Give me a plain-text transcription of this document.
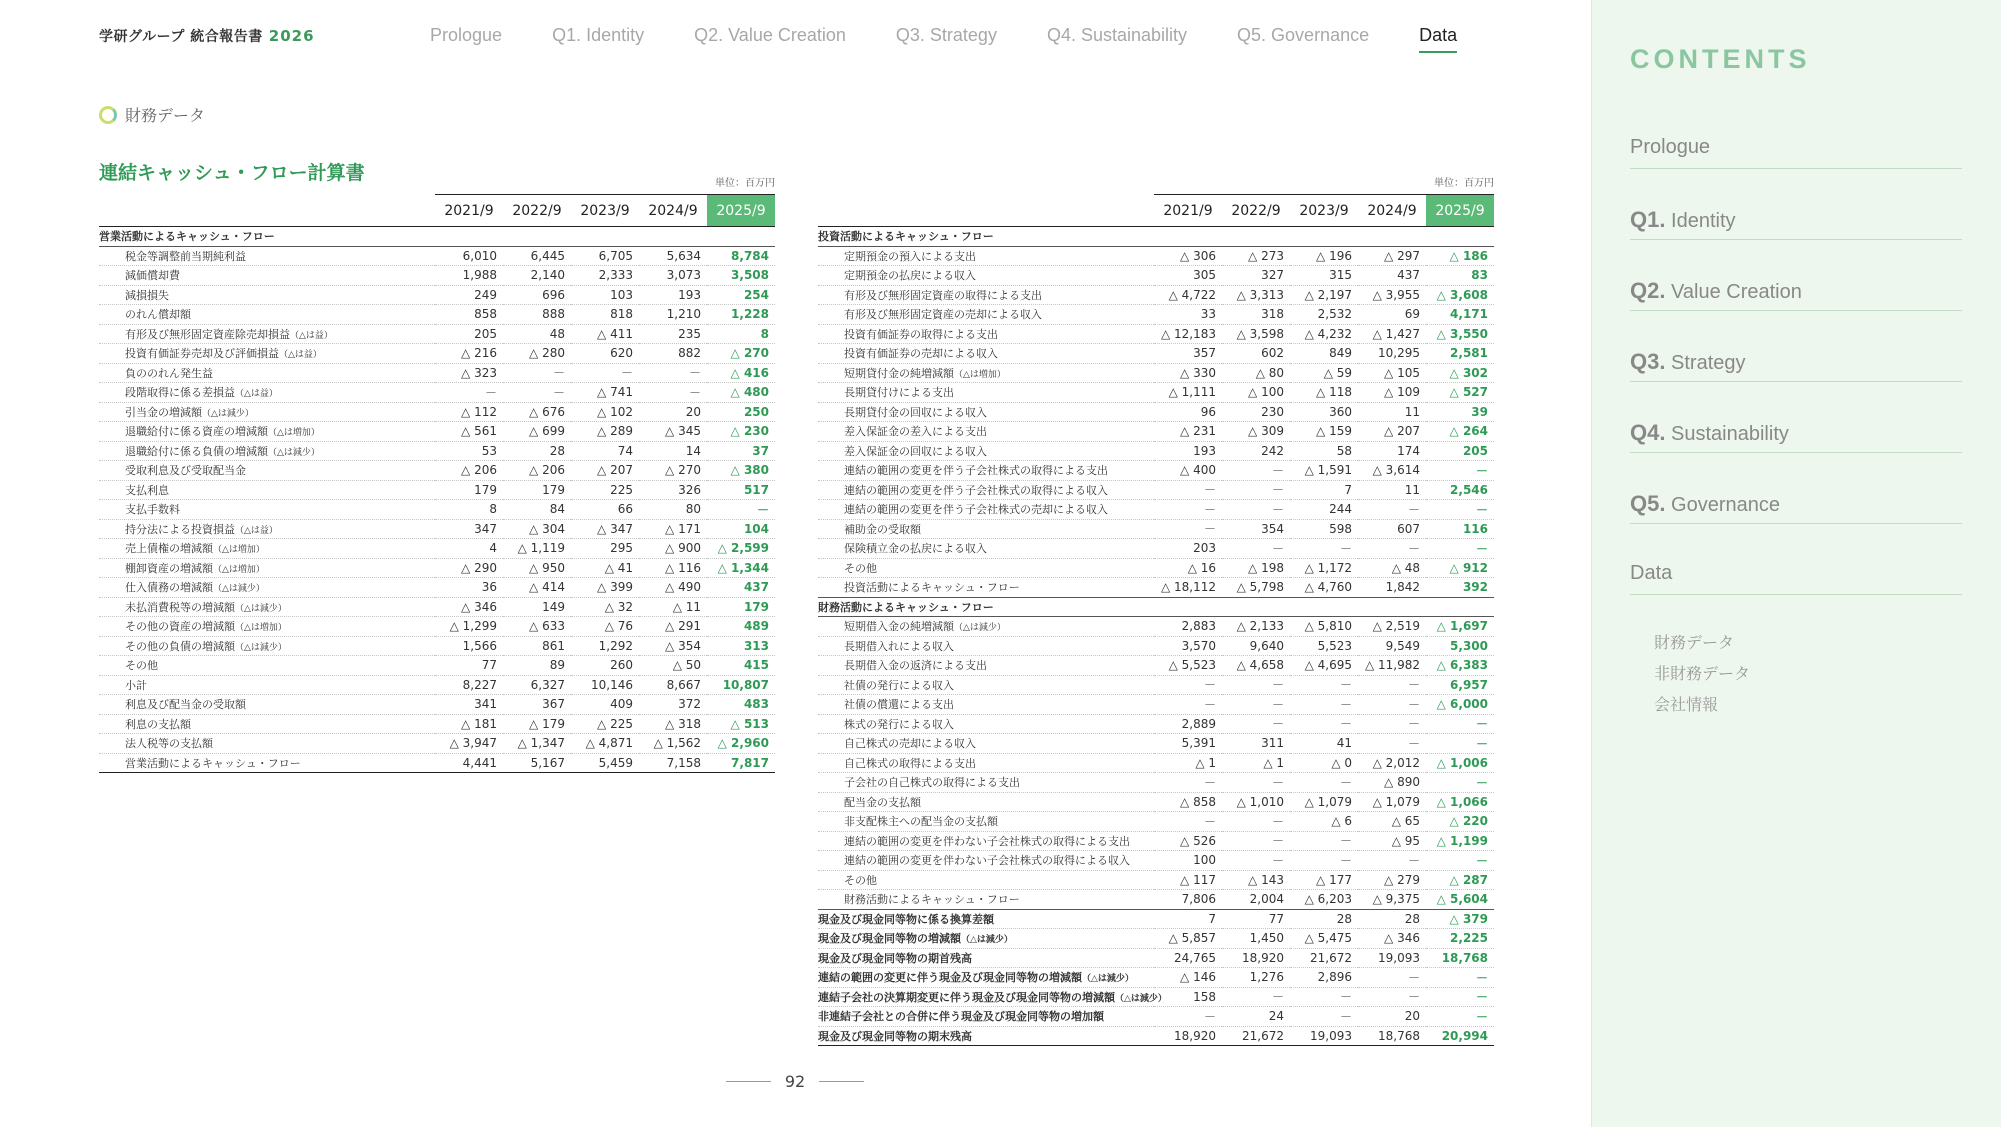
学研グループ 統合報告書 2026	Prologue	Q1. Identity	Q2. Value Creation	Q3. Strategy	Q4. Sustainability	Q5. Governance	Data
財務データ
連結キャッシュ・フロー計算書	単位：百万円
	2021/9	2022/9	2023/9	2024/9	2025/9
営業活動によるキャッシュ・フロー					
税金等調整前当期純利益	6,010	6,445	6,705	5,634	8,784
減価償却費	1,988	2,140	2,333	3,073	3,508
減損損失	249	696	103	193	254
のれん償却額	858	888	818	1,210	1,228
有形及び無形固定資産除売却損益（△は益）	205	48	△ 411	235	8
投資有価証券売却及び評価損益（△は益）	△ 216	△ 280	620	882	△ 270
負ののれん発生益	△ 323	－	－	－	△ 416
段階取得に係る差損益（△は益）	－	－	△ 741	－	△ 480
引当金の増減額（△は減少）	△ 112	△ 676	△ 102	20	250
退職給付に係る資産の増減額（△は増加）	△ 561	△ 699	△ 289	△ 345	△ 230
退職給付に係る負債の増減額（△は減少）	53	28	74	14	37
受取利息及び受取配当金	△ 206	△ 206	△ 207	△ 270	△ 380
支払利息	179	179	225	326	517
支払手数料	8	84	66	80	－
持分法による投資損益（△は益）	347	△ 304	△ 347	△ 171	104
売上債権の増減額（△は増加）	4	△ 1,119	295	△ 900	△ 2,599
棚卸資産の増減額（△は増加）	△ 290	△ 950	△ 41	△ 116	△ 1,344
仕入債務の増減額（△は減少）	36	△ 414	△ 399	△ 490	437
未払消費税等の増減額（△は減少）	△ 346	149	△ 32	△ 11	179
その他の資産の増減額（△は増加）	△ 1,299	△ 633	△ 76	△ 291	489
その他の負債の増減額（△は減少）	1,566	861	1,292	△ 354	313
その他	77	89	260	△ 50	415
小計	8,227	6,327	10,146	8,667	10,807
利息及び配当金の受取額	341	367	409	372	483
利息の支払額	△ 181	△ 179	△ 225	△ 318	△ 513
法人税等の支払額	△ 3,947	△ 1,347	△ 4,871	△ 1,562	△ 2,960
営業活動によるキャッシュ・フロー	4,441	5,167	5,459	7,158	7,817
単位：百万円
	2021/9	2022/9	2023/9	2024/9	2025/9
投資活動によるキャッシュ・フロー					
定期預金の預入による支出	△ 306	△ 273	△ 196	△ 297	△ 186
定期預金の払戻による収入	305	327	315	437	83
有形及び無形固定資産の取得による支出	△ 4,722	△ 3,313	△ 2,197	△ 3,955	△ 3,608
有形及び無形固定資産の売却による収入	33	318	2,532	69	4,171
投資有価証券の取得による支出	△ 12,183	△ 3,598	△ 4,232	△ 1,427	△ 3,550
投資有価証券の売却による収入	357	602	849	10,295	2,581
短期貸付金の純増減額（△は増加）	△ 330	△ 80	△ 59	△ 105	△ 302
長期貸付けによる支出	△ 1,111	△ 100	△ 118	△ 109	△ 527
長期貸付金の回収による収入	96	230	360	11	39
差入保証金の差入による支出	△ 231	△ 309	△ 159	△ 207	△ 264
差入保証金の回収による収入	193	242	58	174	205
連結の範囲の変更を伴う子会社株式の取得による支出	△ 400	－	△ 1,591	△ 3,614	－
連結の範囲の変更を伴う子会社株式の取得による収入	－	－	7	11	2,546
連結の範囲の変更を伴う子会社株式の売却による収入	－	－	244	－	－
補助金の受取額	－	354	598	607	116
保険積立金の払戻による収入	203	－	－	－	－
その他	△ 16	△ 198	△ 1,172	△ 48	△ 912
投資活動によるキャッシュ・フロー	△ 18,112	△ 5,798	△ 4,760	1,842	392
財務活動によるキャッシュ・フロー					
短期借入金の純増減額（△は減少）	2,883	△ 2,133	△ 5,810	△ 2,519	△ 1,697
長期借入れによる収入	3,570	9,640	5,523	9,549	5,300
長期借入金の返済による支出	△ 5,523	△ 4,658	△ 4,695	△ 11,982	△ 6,383
社債の発行による収入	－	－	－	－	6,957
社債の償還による支出	－	－	－	－	△ 6,000
株式の発行による収入	2,889	－	－	－	－
自己株式の売却による収入	5,391	311	41	－	－
自己株式の取得による支出	△ 1	△ 1	△ 0	△ 2,012	△ 1,006
子会社の自己株式の取得による支出	－	－	－	△ 890	－
配当金の支払額	△ 858	△ 1,010	△ 1,079	△ 1,079	△ 1,066
非支配株主への配当金の支払額	－	－	△ 6	△ 65	△ 220
連結の範囲の変更を伴わない子会社株式の取得による支出	△ 526	－	－	△ 95	△ 1,199
連結の範囲の変更を伴わない子会社株式の取得による収入	100	－	－	－	－
その他	△ 117	△ 143	△ 177	△ 279	△ 287
財務活動によるキャッシュ・フロー	7,806	2,004	△ 6,203	△ 9,375	△ 5,604
現金及び現金同等物に係る換算差額	7	77	28	28	△ 379
現金及び現金同等物の増減額（△は減少）	△ 5,857	1,450	△ 5,475	△ 346	2,225
現金及び現金同等物の期首残高	24,765	18,920	21,672	19,093	18,768
連結の範囲の変更に伴う現金及び現金同等物の増減額（△は減少）	△ 146	1,276	2,896	－	－
連結子会社の決算期変更に伴う現金及び現金同等物の増減額（△は減少）	158	－	－	－	－
非連結子会社との合併に伴う現金及び現金同等物の増加額	－	24	－	20	－
現金及び現金同等物の期末残高	18,920	21,672	19,093	18,768	20,994
92
CONTENTS
Prologue
Q1. Identity
Q2. Value Creation
Q3. Strategy
Q4. Sustainability
Q5. Governance
Data
財務データ
非財務データ
会社情報
